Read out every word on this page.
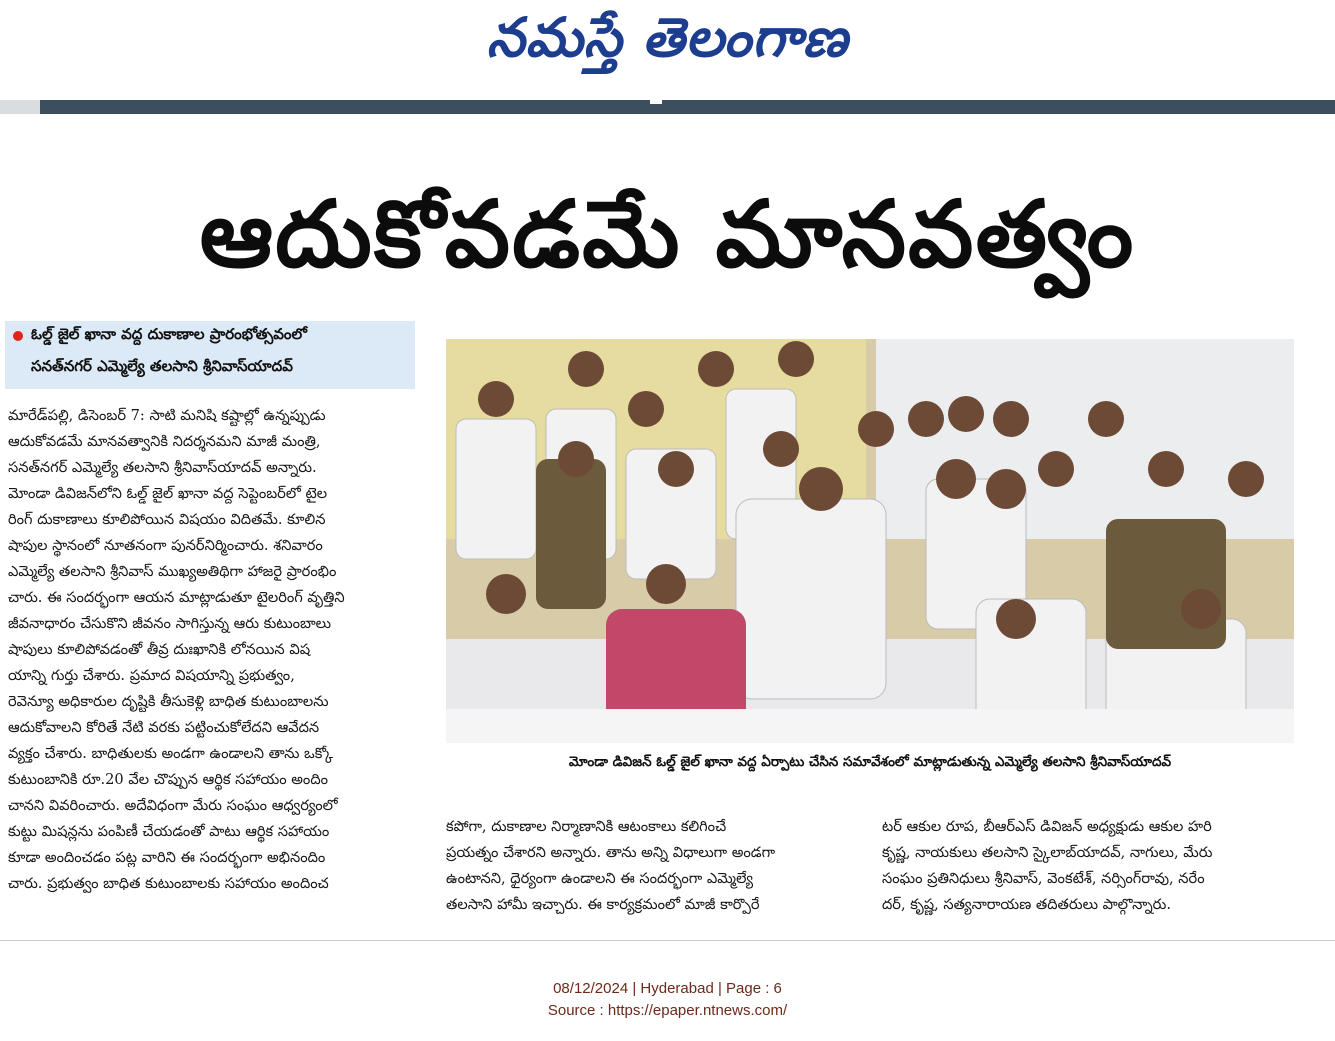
నమస్తే తెలంగాణ
ఆదుకోవడమే మానవత్వం
ఓల్డ్ జైల్ ఖానా వద్ద దుకాణాల ప్రారంభోత్సవంలో
సనత్‌నగర్ ఎమ్మెల్యే తలసాని శ్రీనివాస్‌యాదవ్

మారేడ్‌పల్లి, డిసెంబర్ 7: సాటి మనిషి కష్టాల్లో ఉన్నప్పుడు

ఆదుకోవడమే మానవత్వానికి నిదర్శనమని మాజీ మంత్రి,

సనత్‌నగర్ ఎమ్మెల్యే తలసాని శ్రీనివాస్‌యాదవ్ అన్నారు.

మోండా డివిజన్‌లోని ఓల్డ్ జైల్ ఖానా వద్ద సెప్టెంబర్‌లో టైల

రింగ్ దుకాణాలు కూలిపోయిన విషయం విదితమే. కూలిన

షాపుల స్థానంలో నూతనంగా పునర్‌నిర్మించారు. శనివారం

ఎమ్మెల్యే తలసాని శ్రీనివాస్ ముఖ్యఅతిథిగా హాజరై ప్రారంభిం

చారు. ఈ సందర్భంగా ఆయన మాట్లాడుతూ టైలరింగ్ వృత్తిని

జీవనాధారం చేసుకొని జీవనం సాగిస్తున్న ఆరు కుటుంబాలు

షాపులు కూలిపోవడంతో తీవ్ర దుఃఖానికి లోనయిన విష

యాన్ని గుర్తు చేశారు. ప్రమాద విషయాన్ని ప్రభుత్వం,

రెవెన్యూ అధికారుల దృష్టికి తీసుకెళ్లి బాధిత కుటుంబాలను

ఆదుకోవాలని కోరితే నేటి వరకు పట్టించుకోలేదని ఆవేదన

వ్యక్తం చేశారు. బాధితులకు అండగా ఉండాలని తాను ఒక్కో

కుటుంబానికి రూ.20 వేల చొప్పున ఆర్థిక సహాయం అందిం

చానని వివరించారు. అదేవిధంగా మేరు సంఘం ఆధ్వర్యంలో

కుట్టు మిషన్లను పంపిణీ చేయడంతో పాటు ఆర్థిక సహాయం

కూడా అందించడం పట్ల వారిని ఈ సందర్భంగా అభినందిం

చారు. ప్రభుత్వం బాధిత కుటుంబాలకు సహాయం అందించ

మోండా డివిజన్ ఓల్డ్ జైల్ ఖానా వద్ద ఏర్పాటు చేసిన సమావేశంలో మాట్లాడుతున్న ఎమ్మెల్యే తలసాని శ్రీనివాస్‌యాదవ్

కపోగా, దుకాణాల నిర్మాణానికి ఆటంకాలు కలిగించే

ప్రయత్నం చేశారని అన్నారు. తాను అన్ని విధాలుగా అండగా

ఉంటానని, ధైర్యంగా ఉండాలని ఈ సందర్భంగా ఎమ్మెల్యే

తలసాని హామీ ఇచ్చారు. ఈ కార్యక్రమంలో మాజీ కార్పొరే

టర్ ఆకుల రూప, బీఆర్‌ఎస్ డివిజన్ అధ్యక్షుడు ఆకుల హరి

కృష్ణ, నాయకులు తలసాని స్కైలాబ్‌యాదవ్, నాగులు, మేరు

సంఘం ప్రతినిధులు శ్రీనివాస్, వెంకటేశ్, నర్సింగ్‌రావు, నరేం

దర్, కృష్ణ, సత్యనారాయణ తదితరులు పాల్గొన్నారు.

08/12/2024 | Hyderabad | Page : 6
Source : https://epaper.ntnews.com/
